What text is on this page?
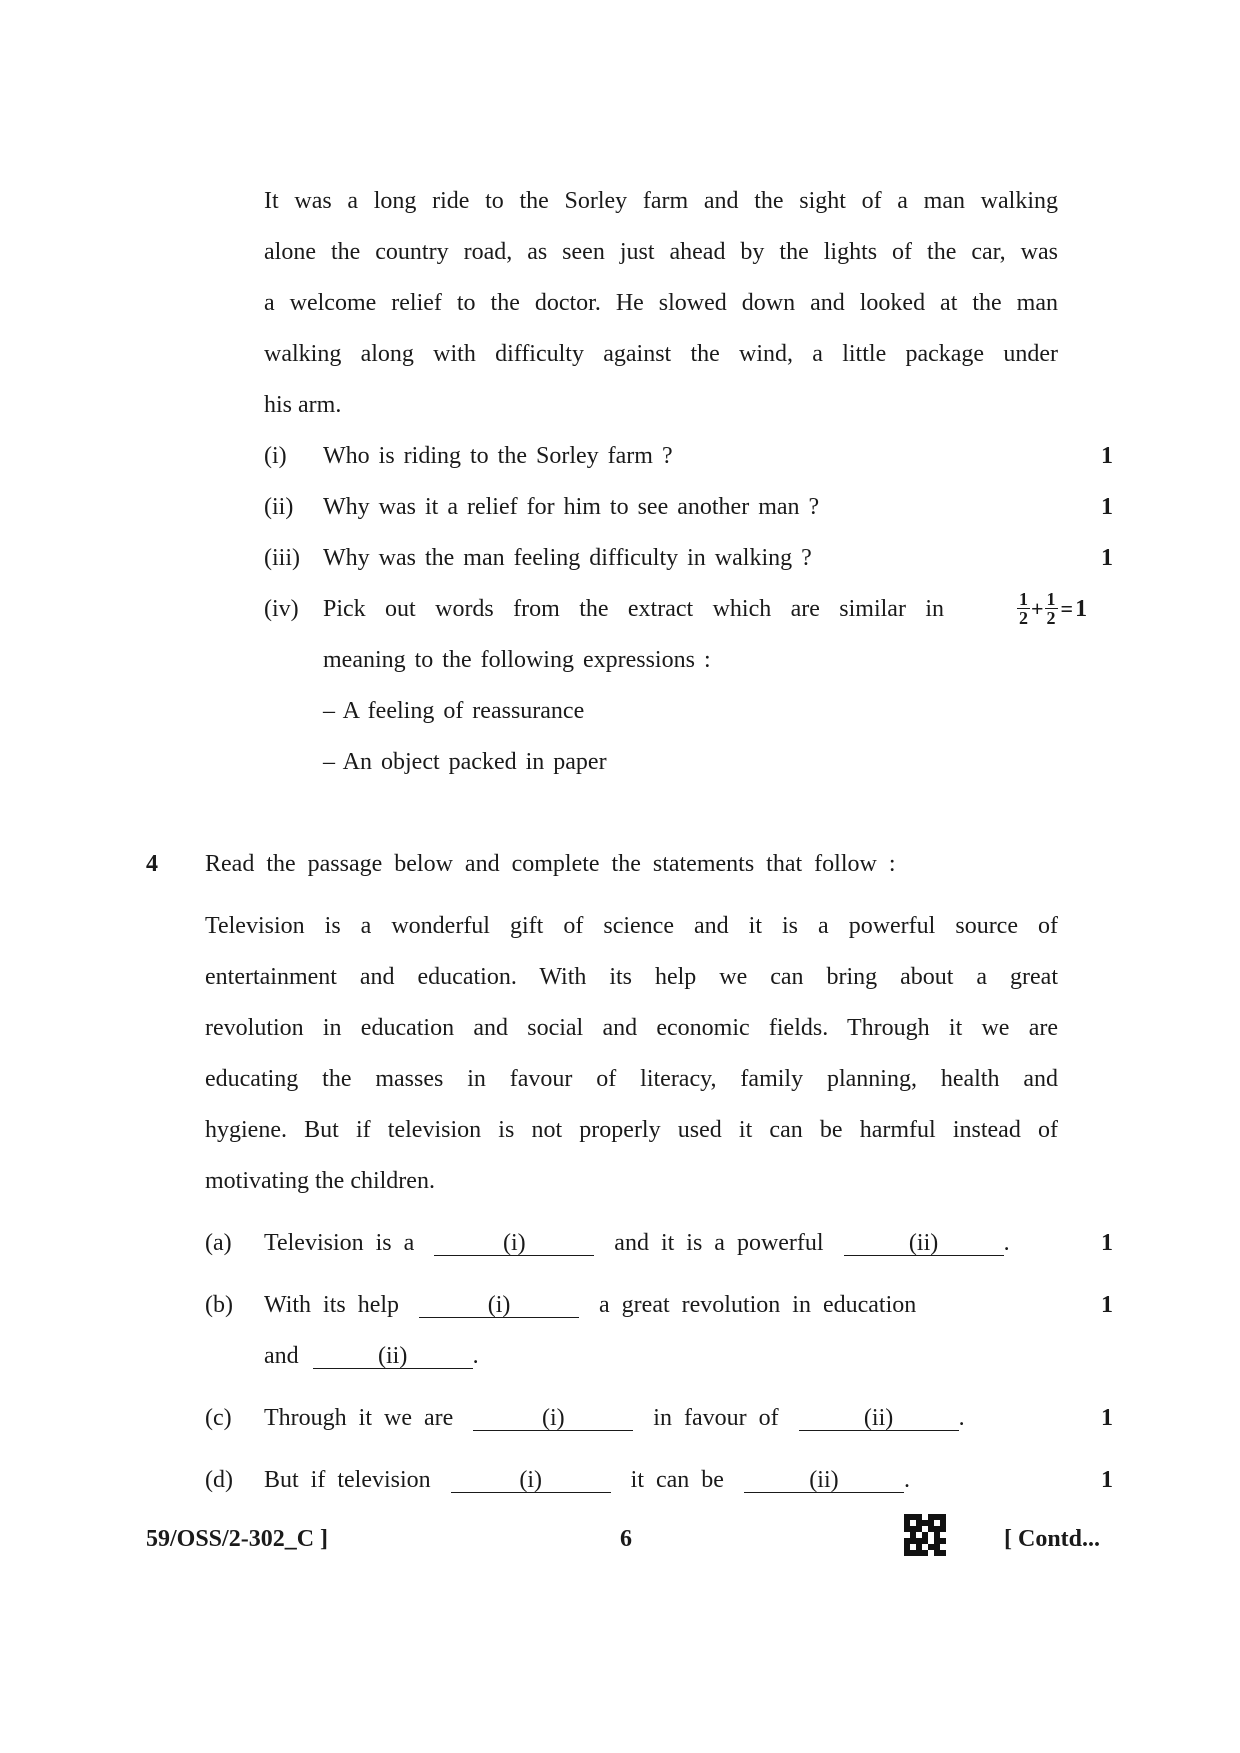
It was a long ride to the Sorley farm and the sight of a man walking
alone the country road, as seen just ahead by the lights of the car, was
a welcome relief to the doctor. He slowed down and looked at the man
walking along with difficulty against the wind, a little package under
his arm.
(i) Who is riding to the Sorley farm ?	1
(ii) Why was it a relief for him to see another man ?	1
(iii) Why was the man feeling difficulty in walking ?	1
(iv) Pick out words from the extract which are similar in	$\frac{1}{2} + \frac{1}{2} = 1$
meaning to the following expressions :
– A feeling of reassurance
– An object packed in paper
4 Read the passage below and complete the statements that follow :
Television is a wonderful gift of science and it is a powerful source of
entertainment and education. With its help we can bring about a great
revolution in education and social and economic fields. Through it we are
educating the masses in favour of literacy, family planning, health and
hygiene. But if television is not properly used it can be harmful instead of
motivating the children.
(a) Television is a	(i)	and it is a powerful	(ii)	.	1
(b) With its help	(i)	a great revolution in education	1
and	(ii)	.
(c) Through it we are	(i)	in favour of	(ii)	.	1
(d) But if television	(i)	it can be	(ii)	.	1
59/OSS/2-302_C ]	6	[ Contd...
